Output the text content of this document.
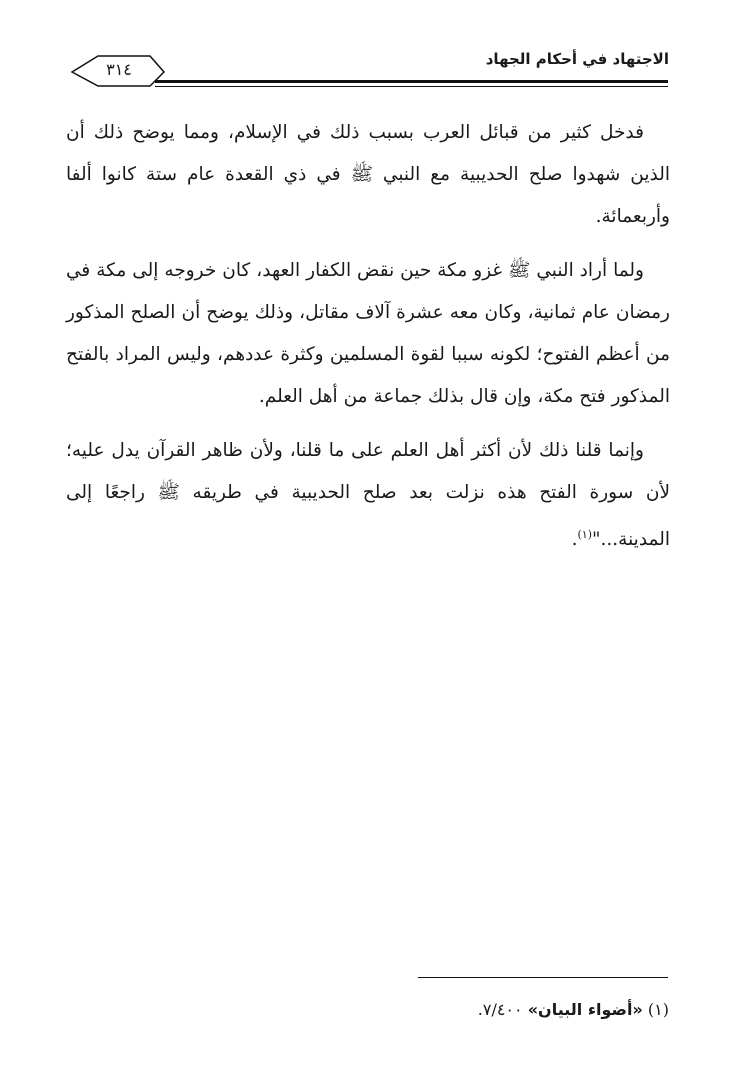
الاجتهاد في أحكام الجهاد
٣١٤

فدخل كثير من قبائل العرب بسبب ذلك في الإسلام، ومما يوضح ذلك أن الذين شهدوا صلح الحديبية مع النبي ﷺ في ذي القعدة عام ستة كانوا ألفا وأربعمائة.

ولما أراد النبي ﷺ غزو مكة حين نقض الكفار العهد، كان خروجه إلى مكة في رمضان عام ثمانية، وكان معه عشرة آلاف مقاتل، وذلك يوضح أن الصلح المذكور من أعظم الفتوح؛ لكونه سببا لقوة المسلمين وكثرة عددهم، وليس المراد بالفتح المذكور فتح مكة، وإن قال بذلك جماعة من أهل العلم.

وإنما قلنا ذلك لأن أكثر أهل العلم على ما قلنا، ولأن ظاهر القرآن يدل عليه؛ لأن سورة الفتح هذه نزلت بعد صلح الحديبية في طريقه ﷺ راجعًا إلى المدينة..."$^{(١)}$.

(١) «أضواء البيان» ٧/٤٠٠.
